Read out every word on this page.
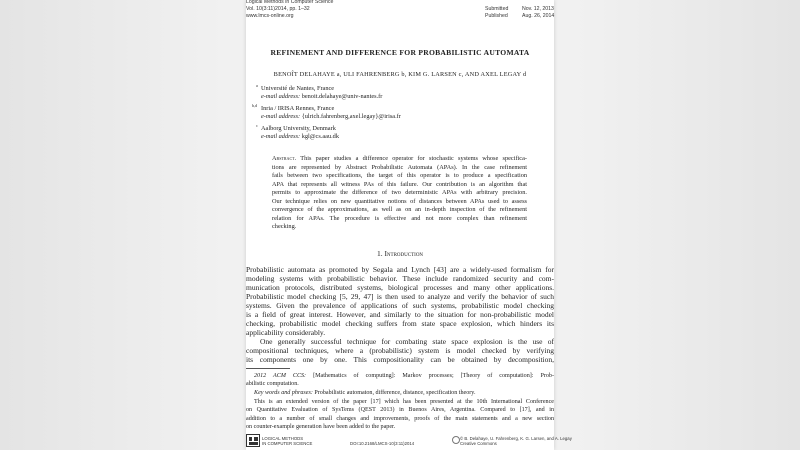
Logical Methods in Computer Science
Vol. 10(3:11)2014, pp. 1–32
www.lmcs-online.org
Submitted	Nov. 12, 2013
Published	Aug. 26, 2014
REFINEMENT AND DIFFERENCE FOR PROBABILISTIC AUTOMATA
BENOÎT DELAHAYE a, ULI FAHRENBERG b, KIM G. LARSEN c, AND AXEL LEGAY d
a Université de Nantes, France
e-mail address: benoit.delahaye@univ-nantes.fr
b,d Inria / IRISA Rennes, France
e-mail address: {ulrich.fahrenberg,axel.legay}@irisa.fr
c Aalborg University, Denmark
e-mail address: kgl@cs.aau.dk
Abstract. This paper studies a difference operator for stochastic systems whose specifica-
tions are represented by Abstract Probabilistic Automata (APAs). In the case refinement
fails between two specifications, the target of this operator is to produce a specification
APA that represents all witness PAs of this failure. Our contribution is an algorithm that
permits to approximate the difference of two deterministic APAs with arbitrary precision.
Our technique relies on new quantitative notions of distances between APAs used to assess
convergence of the approximations, as well as on an in-depth inspection of the refinement
relation for APAs. The procedure is effective and not more complex than refinement
checking.
1. Introduction
Probabilistic automata as promoted by Segala and Lynch [43] are a widely-used formalism for
modeling systems with probabilistic behavior. These include randomized security and com-
munication protocols, distributed systems, biological processes and many other applications.
Probabilistic model checking [5, 29, 47] is then used to analyze and verify the behavior of such
systems. Given the prevalence of applications of such systems, probabilistic model checking
is a field of great interest. However, and similarly to the situation for non-probabilistic model
checking, probabilistic model checking suffers from state space explosion, which hinders its
applicability considerably.
One generally successful technique for combating state space explosion is the use of
compositional techniques, where a (probabilistic) system is model checked by verifying
its components one by one. This compositionality can be obtained by decomposition,
2012 ACM CCS: [Mathematics of computing]: Markov processes; [Theory of computation]: Prob-
abilistic computation.
Key words and phrases: Probabilistic automaton, difference, distance, specification theory.
This is an extended version of the paper [17] which has been presented at the 10th International Conference
on Quantitative Evaluation of SysTems (QEST 2013) in Buenos Aires, Argentina. Compared to [17], and in
addition to a number of small changes and improvements, proofs of the main statements and a new section
on counter-example generation have been added to the paper.
LOGICAL METHODS
IN COMPUTER SCIENCE	DOI:10.2168/LMCS-10(3:11)2014
© B. Delahaye, U. Fahrenberg, K. G. Larsen, and A. Legay
Creative Commons
